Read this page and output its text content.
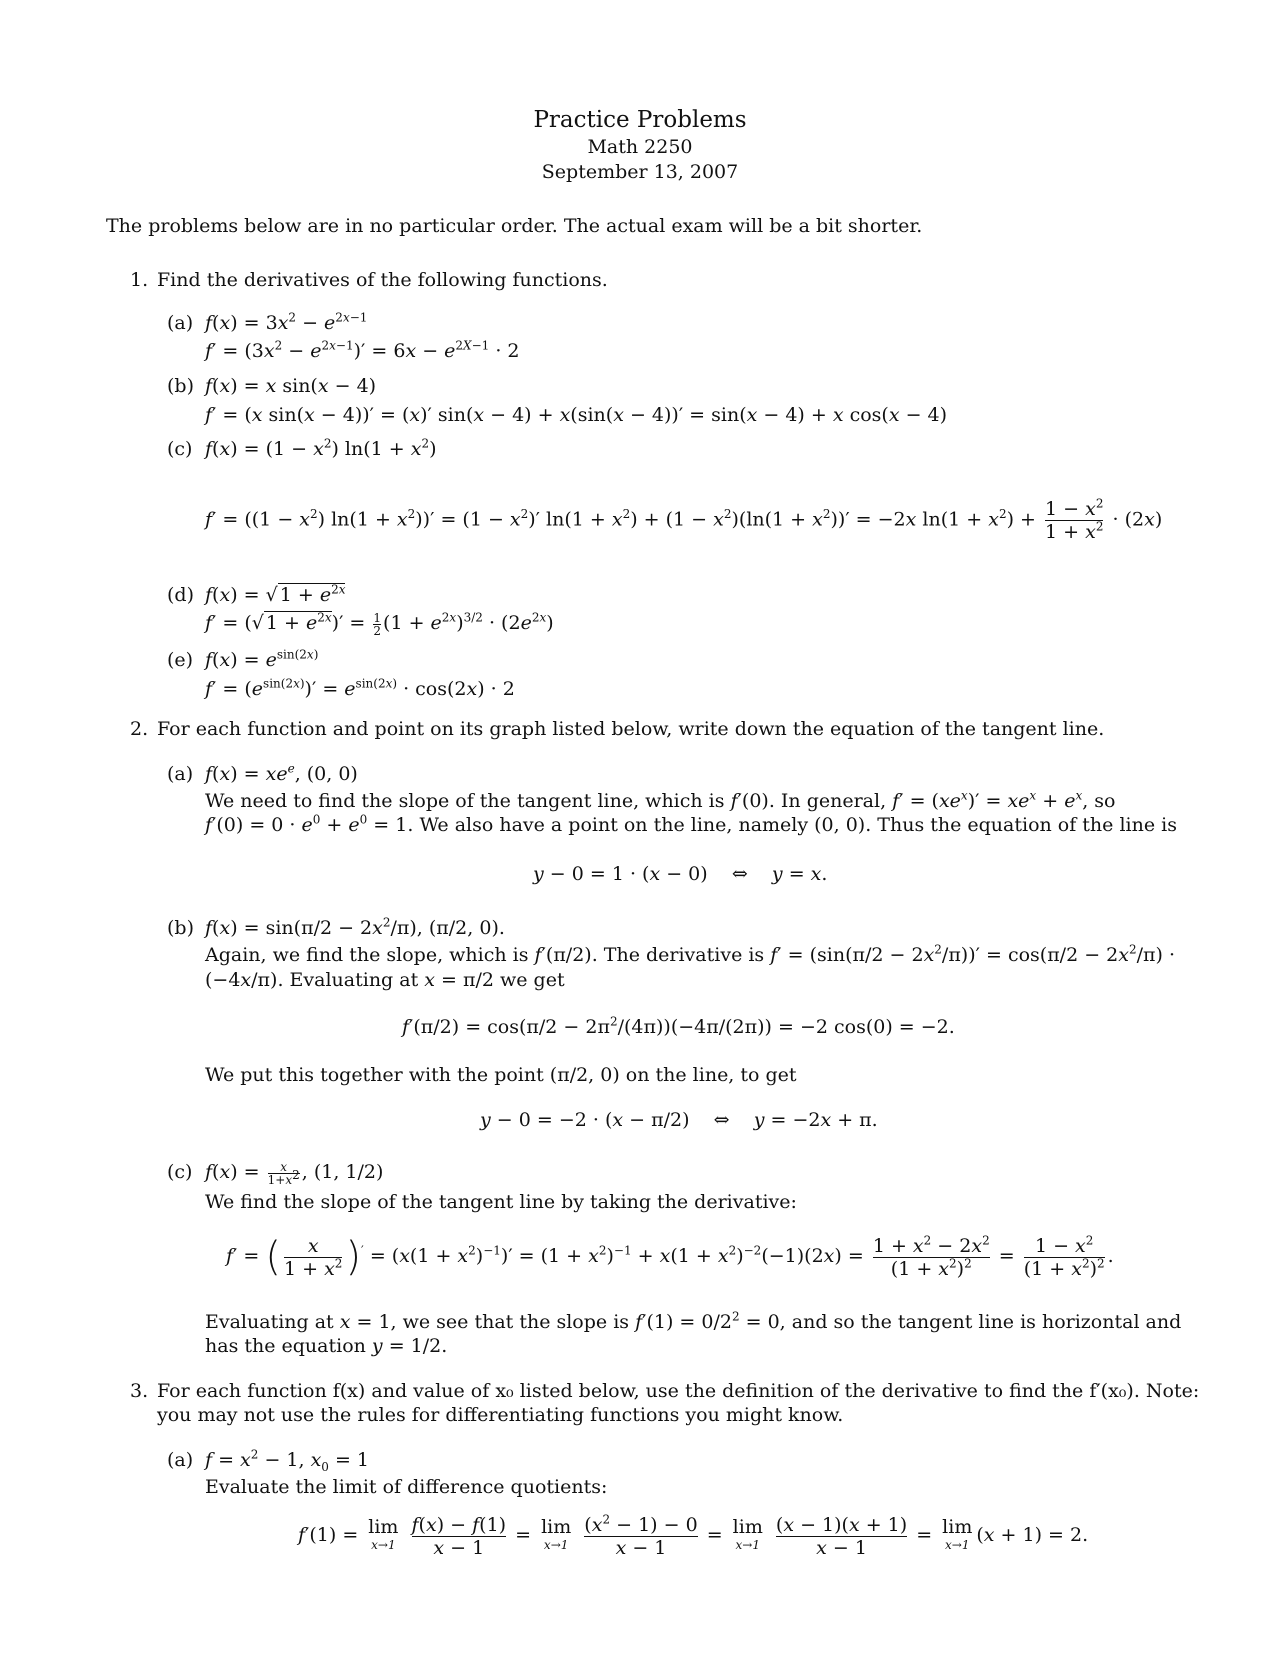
Practice Problems
Math 2250
September 13, 2007
The problems below are in no particular order. The actual exam will be a bit shorter.
1. Find the derivatives of the following functions.
(a) $f(x) = 3x^2 - e^{2x-1}$
$f' = (3x^2 - e^{2x-1})' = 6x - e^{2X-1} \cdot 2$
(b) f(x) = x sin(x − 4)
f′ = (x sin(x − 4))′ = (x)′ sin(x − 4) + x(sin(x − 4))′ = sin(x − 4) + x cos(x − 4)
(c) $f(x) = (1 - x^2)$ $\ln(1 + x^2)$
$f' = ((1 - x^2)$ $\ln(1 + x^2))' = (1 - x^2)'$ $\ln(1 + x^2) + (1 - x^2)(\ln(1 + x^2))' = -2x$ $\ln(1 + x^2) + \frac{1 - x^2}{1 + x^2} \cdot (2x)$
(d) f(x) = √ $1 + e^{2x}$
f′ = (√ $1 + e^{2x})' = \frac{1}{2} (1 + e^{2x})^{3/2} \cdot (2e^{2x})$
(e) $f(x) = e^{sin(2x)}$
$f' = (e^{sin(2x)})' = e^{sin(2x)} \cdot \cos(2x) \cdot 2$
2. For each function and point on its graph listed below, write down the equation of the tangent line.
(a) $f(x) = xe^e$, (0, 0)
We need to find the slope of the tangent line, which is f′(0). In general, $f' = (xe^x)' = xe^x + e^x$, so
$f'(0) = 0 \cdot e^0 + e^0 = 1$. We also have a point on the line, namely (0, 0). Thus the equation of the line is
y − 0 = 1 · (x − 0)    ⇔    y = x.
(b) $f(x) = \sin(\pi/2 - 2x^2/\pi)$, (π/2, 0).
Again, we find the slope, which is f′(π/2). The derivative is $f' = (\sin(\pi/2 - 2x^2/\pi))' = \cos(\pi/2 - 2x^2/\pi)$ ·
(−4x/π). Evaluating at x = π/2 we get
$f'(\pi/2) = \cos(\pi/2 - 2\pi^2/(4\pi))(-4\pi/(2\pi)) = -2$ cos(0) = −2.
We put this together with the point (π/2, 0) on the line, to get
y − 0 = −2 · (x − π/2)    ⇔    y = −2x + π.
(c) $f(x) = \frac{x}{1+x^2}$ , (1, 1/2)
We find the slope of the tangent line by taking the derivative:
f′ = ( $\frac{x}{1 + x^2} )' = (x(1 + x^2)^{-1})' = (1 + x^2)^{-1} + x(1 + x^2)^{-2}(-1)(2x) = \frac{1 + x^2 - 2x^2}{(1 + x^2)^2} = \frac{1 - x^2}{(1 + x^2)^2}$ .
Evaluating at x = 1, we see that the slope is $f'(1) = 0/2^2 = 0$, and so the tangent line is horizontal and
has the equation y = 1/2.
3. For each function f(x) and value of x₀ listed below, use the definition of the derivative to find the f′(x₀). Note:
you may not use the rules for differentiating functions you might know.
(a) $f = x^2 - 1$, $x_0 = 1$
Evaluate the limit of difference quotients:
f′(1) = lim
x→1
$\frac{f(x) - f(1)}{x - 1} = \lim$
x→1
$\frac{(x^2 - 1) - 0}{x - 1} = \lim$
x→1
$\frac{(x - 1)(x + 1)}{x - 1} = \lim$
x→1 (x + 1) = 2.
